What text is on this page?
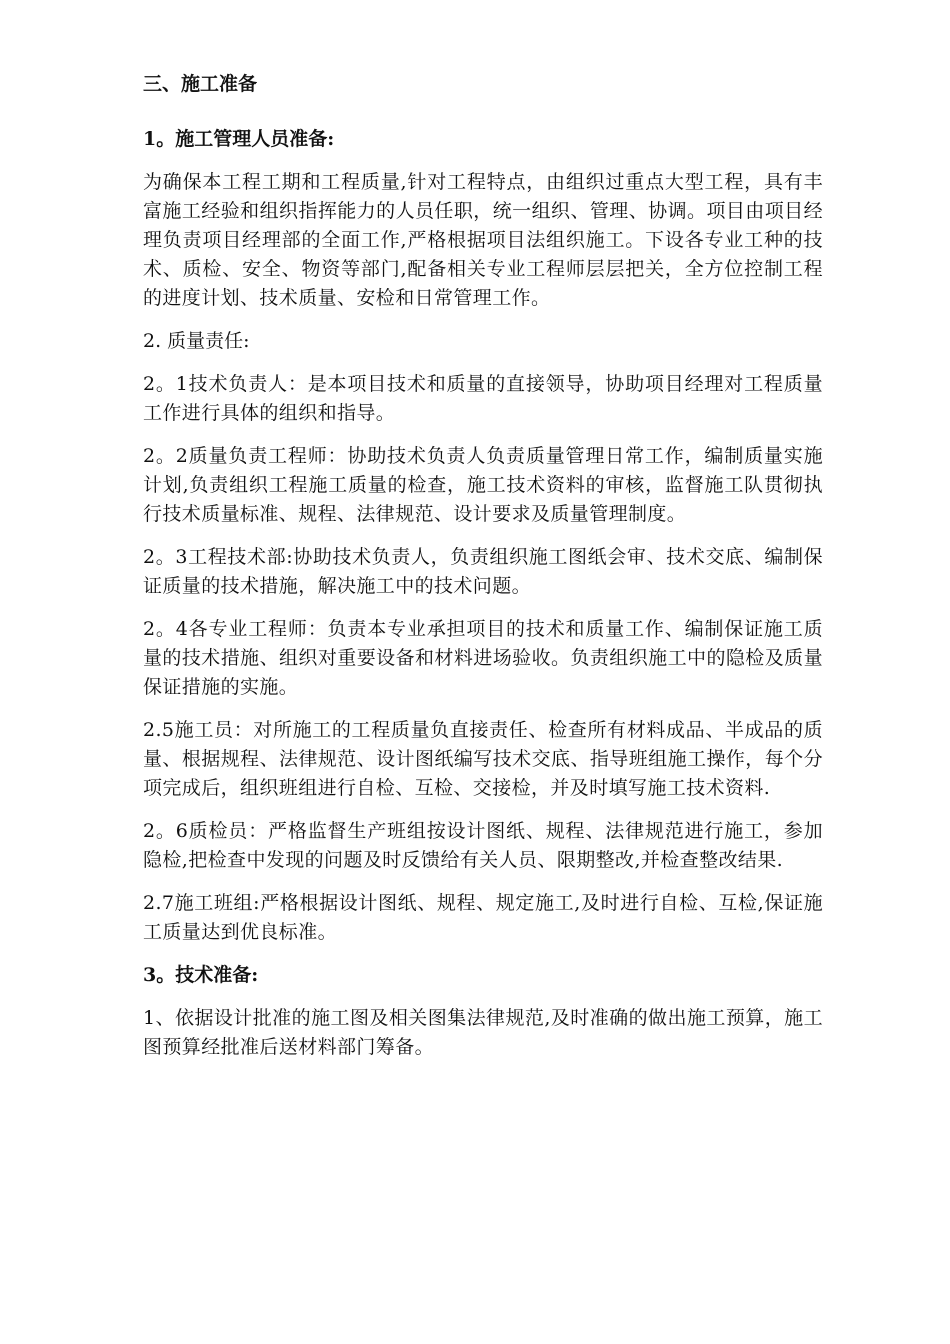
三、施工准备

1。施工管理人员准备:

为确保本工程工期和工程质量,针对工程特点，由组织过重点大型工程，具有丰富施工经验和组织指挥能力的人员任职，统一组织、管理、协调。项目由项目经理负责项目经理部的全面工作,严格根据项目法组织施工。下设各专业工种的技术、质检、安全、物资等部门,配备相关专业工程师层层把关，全方位控制工程的进度计划、技术质量、安检和日常管理工作。

2. 质量责任:

2。1技术负责人：是本项目技术和质量的直接领导，协助项目经理对工程质量工作进行具体的组织和指导。

2。2质量负责工程师：协助技术负责人负责质量管理日常工作，编制质量实施计划,负责组织工程施工质量的检查，施工技术资料的审核，监督施工队贯彻执行技术质量标准、规程、法律规范、设计要求及质量管理制度。

2。3工程技术部:协助技术负责人，负责组织施工图纸会审、技术交底、编制保证质量的技术措施，解决施工中的技术问题。

2。4各专业工程师：负责本专业承担项目的技术和质量工作、编制保证施工质量的技术措施、组织对重要设备和材料进场验收。负责组织施工中的隐检及质量保证措施的实施。

2.5施工员：对所施工的工程质量负直接责任、检查所有材料成品、半成品的质量、根据规程、法律规范、设计图纸编写技术交底、指导班组施工操作，每个分项完成后，组织班组进行自检、互检、交接检，并及时填写施工技术资料.

2。6质检员：严格监督生产班组按设计图纸、规程、法律规范进行施工，参加隐检,把检查中发现的问题及时反馈给有关人员、限期整改,并检查整改结果.

2.7施工班组:严格根据设计图纸、规程、规定施工,及时进行自检、互检,保证施工质量达到优良标准。

3。技术准备:

1、依据设计批准的施工图及相关图集法律规范,及时准确的做出施工预算，施工图预算经批准后送材料部门筹备。
